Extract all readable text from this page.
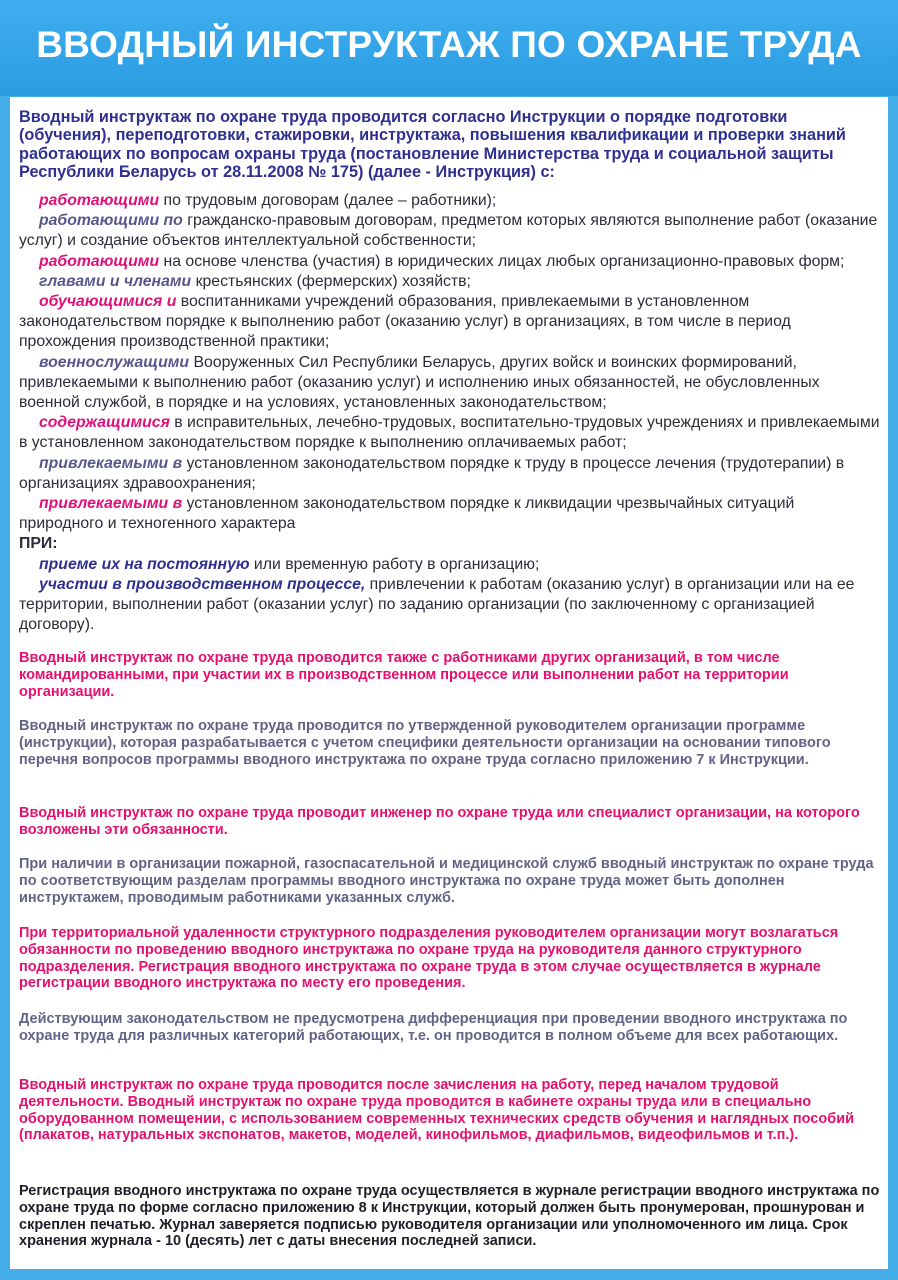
ВВОДНЫЙ ИНСТРУКТАЖ ПО ОХРАНЕ ТРУДА
Вводный инструктаж по охране труда проводится согласно Инструкции о порядке подготовки (обучения), переподготовки, стажировки, инструктажа, повышения квалификации и проверки знаний работающих по вопросам охраны труда (постановление Министерства труда и социальной защиты Республики Беларусь от 28.11.2008 № 175) (далее - Инструкция) с:
работающими по трудовым договорам (далее – работники);
работающими по гражданско-правовым договорам, предметом которых являются выполнение работ (оказание услуг) и создание объектов интеллектуальной собственности;
работающими на основе членства (участия) в юридических лицах любых организационно-правовых форм;
главами и членами крестьянских (фермерских) хозяйств;
обучающимися и воспитанниками учреждений образования, привлекаемыми в установленном законодательством порядке к выполнению работ (оказанию услуг) в организациях, в том числе в период прохождения производственной практики;
военнослужащими Вооруженных Сил Республики Беларусь, других войск и воинских формирований, привлекаемыми к выполнению работ (оказанию услуг) и исполнению иных обязанностей, не обусловленных военной службой, в порядке и на условиях, установленных законодательством;
содержащимися в исправительных, лечебно-трудовых, воспитательно-трудовых учреждениях и привлекаемыми в установленном законодательством порядке к выполнению оплачиваемых работ;
привлекаемыми в установленном законодательством порядке к труду в процессе лечения (трудотерапии) в организациях здравоохранения;
привлекаемыми в установленном законодательством порядке к ликвидации чрезвычайных ситуаций природного и техногенного характера
ПРИ:
приеме их на постоянную или временную работу в организацию;
участии в производственном процессе, привлечении к работам (оказанию услуг) в организации или на ее территории, выполнении работ (оказании услуг) по заданию организации (по заключенному с организацией договору).
Вводный инструктаж по охране труда проводится также с работниками других организаций, в том числе командированными, при участии их в производственном процессе или выполнении работ на территории организации.
Вводный инструктаж по охране труда проводится по утвержденной руководителем организации программе (инструкции), которая разрабатывается с учетом специфики деятельности организации на основании типового перечня вопросов программы вводного инструктажа по охране труда согласно приложению 7 к Инструкции.
Вводный инструктаж по охране труда проводит инженер по охране труда или специалист организации, на которого возложены эти обязанности.
При наличии в организации пожарной, газоспасательной и медицинской служб вводный инструктаж по охране труда по соответствующим разделам программы вводного инструктажа по охране труда может быть дополнен инструктажем, проводимым работниками указанных служб.
При территориальной удаленности структурного подразделения руководителем организации могут возлагаться обязанности по проведению вводного инструктажа по охране труда на руководителя данного структурного подразделения. Регистрация вводного инструктажа по охране труда в этом случае осуществляется в журнале регистрации вводного инструктажа по месту его проведения.
Действующим законодательством не предусмотрена дифференциация при проведении вводного инструктажа по охране труда для различных категорий работающих, т.е. он проводится в полном объеме для всех работающих.
Вводный инструктаж по охране труда проводится после зачисления на работу, перед началом трудовой деятельности. Вводный инструктаж по охране труда проводится в кабинете охраны труда или в специально оборудованном помещении, с использованием современных технических средств обучения и наглядных пособий (плакатов, натуральных экспонатов, макетов, моделей, кинофильмов, диафильмов, видеофильмов и т.п.).
Регистрация вводного инструктажа по охране труда осуществляется в журнале регистрации вводного инструктажа по охране труда по форме согласно приложению 8 к Инструкции, который должен быть пронумерован, прошнурован и скреплен печатью. Журнал заверяется подписью руководителя организации или уполномоченного им лица. Срок хранения журнала - 10 (десять) лет с даты внесения последней записи.
